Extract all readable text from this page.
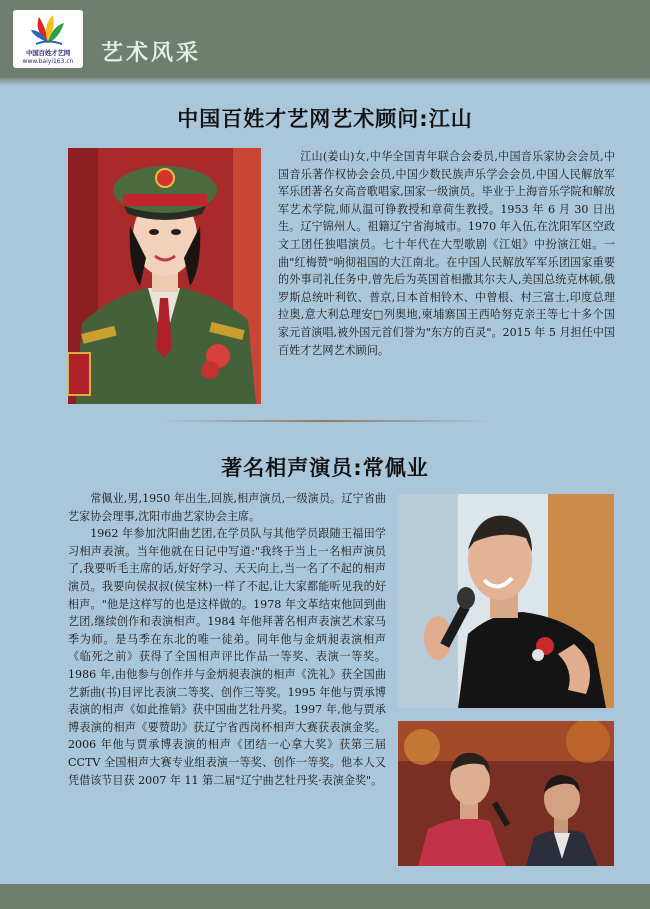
中国百姓才艺网
www.baiyi163.cn	艺术风采
中国百姓才艺网艺术顾问:江山

江山(姜山)女,中华全国青年联合会委员,中国音乐家协会会员,中国音乐著作权协会会员,中国少数民族声乐学会会员,中国人民解放军军乐团著名女高音歌唱家,国家一级演员。毕业于上海音乐学院和解放军艺术学院,师从温可铮教授和章荷生教授。1953 年 6 月 30 日出生。辽宁锦州人。祖籍辽宁省海城市。1970 年入伍,在沈阳军区空政文工团任独唱演员。七十年代在大型歌剧《江姐》中扮演江姐。一曲"红梅赞"响彻祖国的大江南北。在中国人民解放军军乐团国家重要的外事司礼任务中,曾先后为英国首相撒其尔夫人,美国总统克林顿,俄罗斯总统叶利钦、普京,日本首相铃木、中曾根、村三富士,印度总理拉奥,意大利总理安□列奥地,柬埔寨国王西哈努克亲王等七十多个国家元首演唱,被外国元首们誉为"东方的百灵"。2015 年 5 月担任中国百姓才艺网艺术顾问。

著名相声演员:常佩业

常佩业,男,1950 年出生,回族,相声演员,一级演员。辽宁省曲艺家协会理事,沈阳市曲艺家协会主席。

1962 年参加沈阳曲艺团,在学员队与其他学员跟随王福田学习相声表演。当年他就在日记中写道:"我终于当上一名相声演员了,我要听毛主席的话,好好学习、天天向上,当一名了不起的相声演员。我要向侯叔叔(侯宝林)一样了不起,让大家都能听见我的好相声。"他是这样写的也是这样做的。1978 年文革结束他回到曲艺团,继续创作和表演相声。1984 年他拜著名相声表演艺术家马季为师。是马季在东北的唯一徒弟。同年他与金炳昶表演相声《临死之前》获得了全国相声评比作品一等奖、表演一等奖。1986 年,由他参与创作并与金炳昶表演的相声《洗礼》获全国曲艺新曲(书)目评比表演二等奖、创作三等奖。1995 年他与贾承博表演的相声《如此推销》获中国曲艺牡丹奖。1997 年,他与贾承博表演的相声《要赞助》获辽宁省西岗杯相声大赛获表演金奖。2006 年他与贾承博表演的相声《团结一心拿大奖》获第三届 CCTV 全国相声大赛专业组表演一等奖、创作一等奖。他本人又凭借该节目获 2007 年 11 第二届"辽宁曲艺牡丹奖·表演金奖"。
